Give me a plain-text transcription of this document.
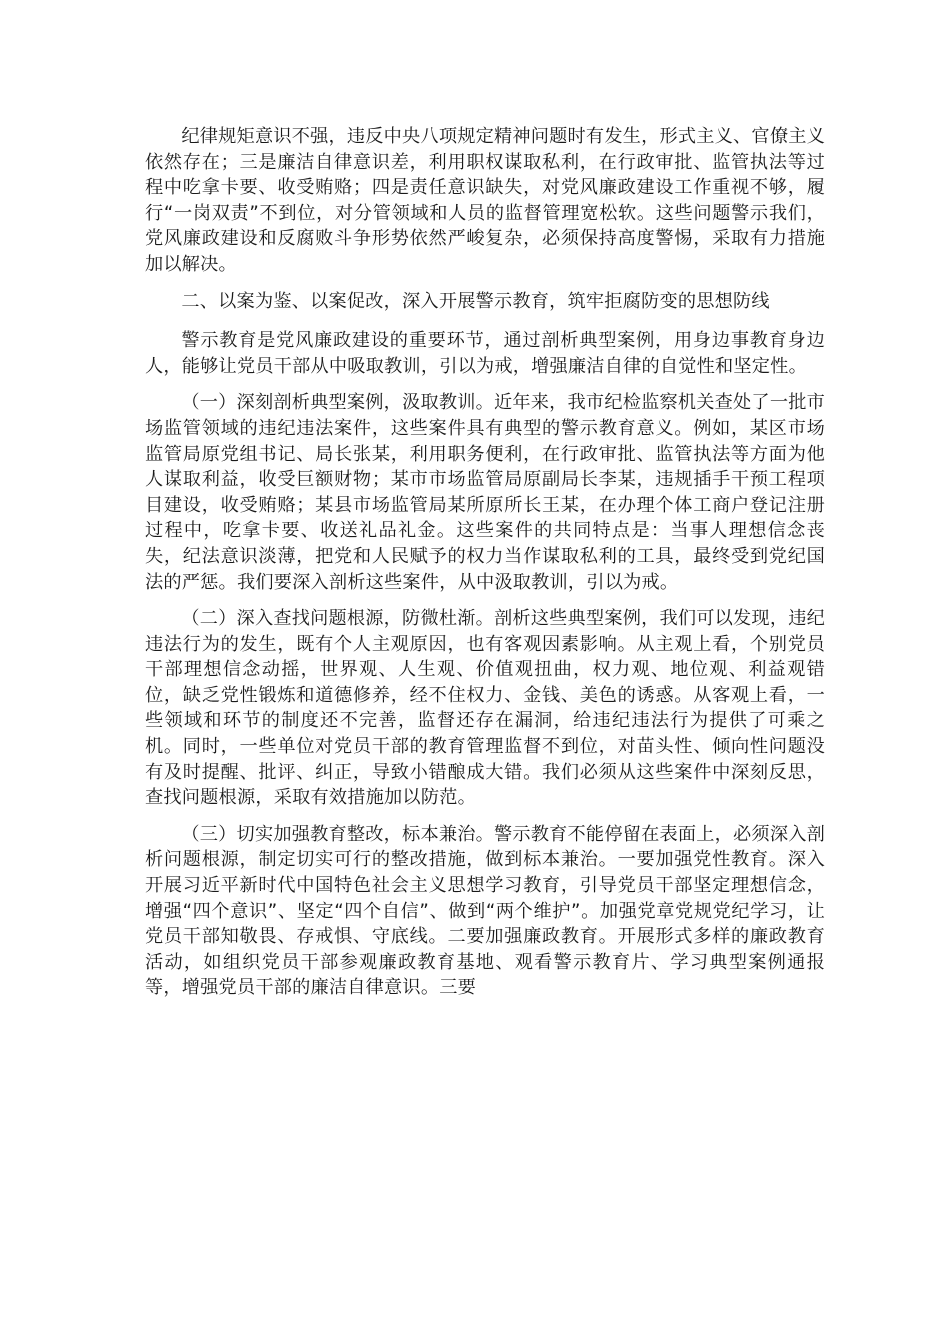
纪律规矩意识不强，违反中央八项规定精神问题时有发生，形式主义、官僚主义依然存在；三是廉洁自律意识差，利用职权谋取私利，在行政审批、监管执法等过程中吃拿卡要、收受贿赂；四是责任意识缺失，对党风廉政建设工作重视不够，履行“一岗双责”不到位，对分管领域和人员的监督管理宽松软。这些问题警示我们，党风廉政建设和反腐败斗争形势依然严峻复杂，必须保持高度警惕，采取有力措施加以解决。

二、以案为鉴、以案促改，深入开展警示教育，筑牢拒腐防变的思想防线

警示教育是党风廉政建设的重要环节，通过剖析典型案例，用身边事教育身边人，能够让党员干部从中吸取教训，引以为戒，增强廉洁自律的自觉性和坚定性。

（一）深刻剖析典型案例，汲取教训。近年来，我市纪检监察机关查处了一批市场监管领域的违纪违法案件，这些案件具有典型的警示教育意义。例如，某区市场监管局原党组书记、局长张某，利用职务便利，在行政审批、监管执法等方面为他人谋取利益，收受巨额财物；某市市场监管局原副局长李某，违规插手干预工程项目建设，收受贿赂；某县市场监管局某所原所长王某，在办理个体工商户登记注册过程中，吃拿卡要、收送礼品礼金。这些案件的共同特点是：当事人理想信念丧失，纪法意识淡薄，把党和人民赋予的权力当作谋取私利的工具，最终受到党纪国法的严惩。我们要深入剖析这些案件，从中汲取教训，引以为戒。

（二）深入查找问题根源，防微杜渐。剖析这些典型案例，我们可以发现，违纪违法行为的发生，既有个人主观原因，也有客观因素影响。从主观上看，个别党员干部理想信念动摇，世界观、人生观、价值观扭曲，权力观、地位观、利益观错位，缺乏党性锻炼和道德修养，经不住权力、金钱、美色的诱惑。从客观上看，一些领域和环节的制度还不完善，监督还存在漏洞，给违纪违法行为提供了可乘之机。同时，一些单位对党员干部的教育管理监督不到位，对苗头性、倾向性问题没有及时提醒、批评、纠正，导致小错酿成大错。我们必须从这些案件中深刻反思，查找问题根源，采取有效措施加以防范。

（三）切实加强教育整改，标本兼治。警示教育不能停留在表面上，必须深入剖析问题根源，制定切实可行的整改措施，做到标本兼治。一要加强党性教育。深入开展习近平新时代中国特色社会主义思想学习教育，引导党员干部坚定理想信念，增强“四个意识”、坚定“四个自信”、做到“两个维护”。加强党章党规党纪学习，让党员干部知敬畏、存戒惧、守底线。二要加强廉政教育。开展形式多样的廉政教育活动，如组织党员干部参观廉政教育基地、观看警示教育片、学习典型案例通报等，增强党员干部的廉洁自律意识。三要
